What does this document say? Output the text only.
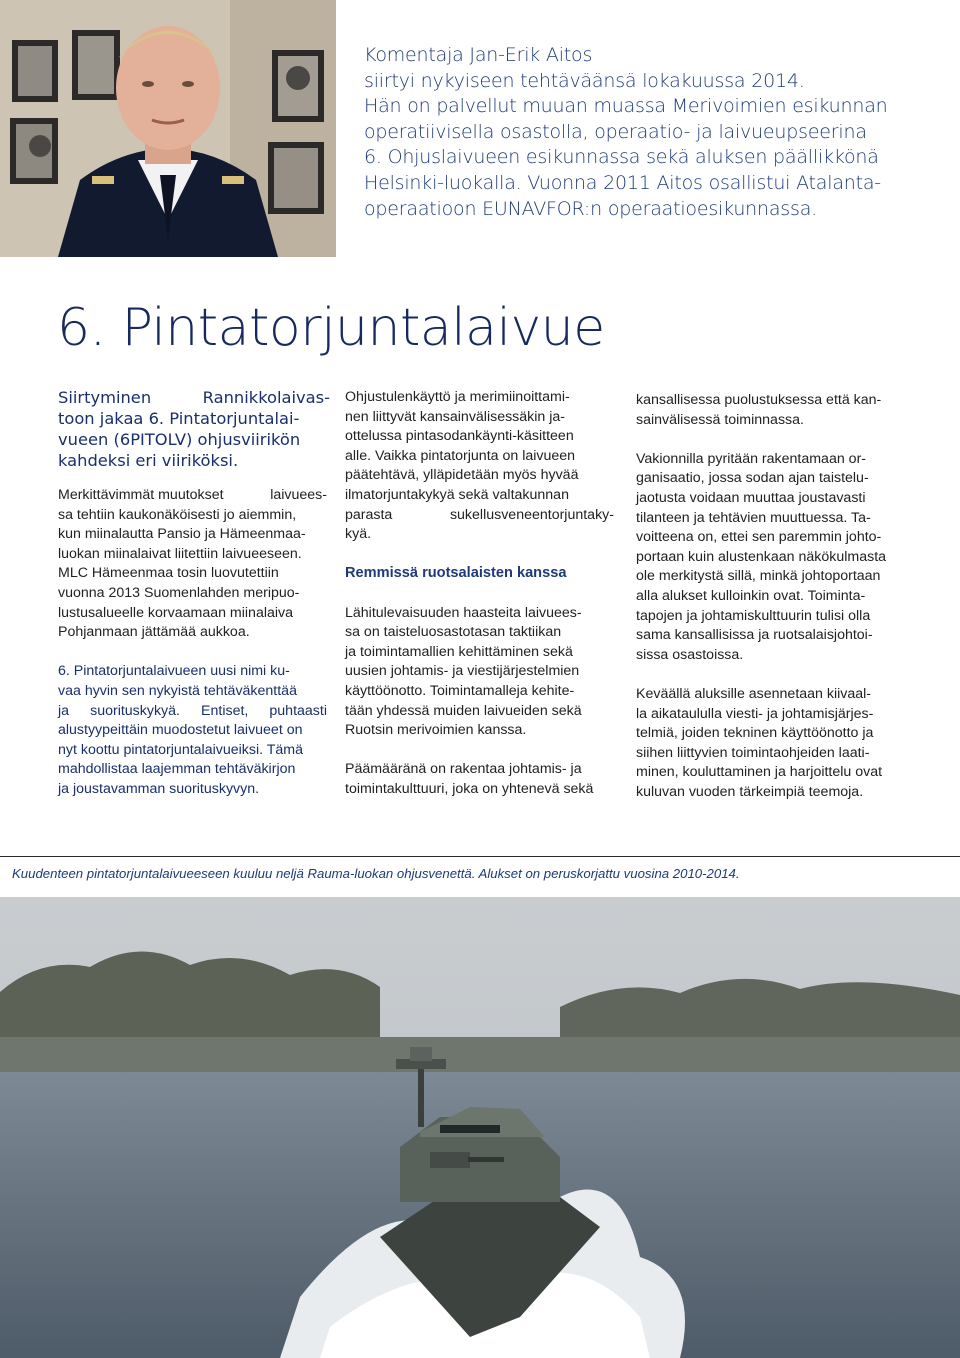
Komentaja Jan-Erik Aitos
siirtyi nykyiseen tehtäväänsä lokakuussa 2014.
Hän on palvellut muuan muassa Merivoimien esikunnan
operatiivisella osastolla, operaatio- ja laivueupseerina
6. Ohjuslaivueen esikunnassa sekä aluksen päällikkönä
Helsinki-luokalla. Vuonna 2011 Aitos osallistui Atalanta-
operaatioon EUNAVFOR:n operaatioesikunnassa.
6. Pintatorjuntalaivue
Siirtyminen	Rannikkolaivas-
toon jakaa 6. Pintatorjuntalai-
vueen (6PITOLV) ohjusviirikön
kahdeksi eri viiriköksi.
Merkittävimmät muutokset	laivuees-
sa tehtiin kaukonäköisesti jo aiemmin,
kun miinalautta Pansio ja Hämeenmaa-
luokan miinalaivat liitettiin laivueeseen.
MLC Hämeenmaa tosin luovutettiin
vuonna 2013 Suomenlahden meripuo-
lustusalueelle korvaamaan miinalaiva
Pohjanmaan jättämää aukkoa.
6. Pintatorjuntalaivueen uusi nimi ku-
vaa hyvin sen nykyistä tehtäväkenttää
ja suorituskykyä. Entiset, puhtaasti
alustyypeittäin muodostetut laivueet on
nyt koottu pintatorjuntalaivueiksi. Tämä
mahdollistaa laajemman tehtäväkirjon
ja joustavamman suorituskyvyn.
Ohjustulenkäyttö ja merimiinoittami-
nen liittyvät kansainvälisessäkin ja-
ottelussa pintasodankäynti-käsitteen
alle. Vaikka pintatorjunta on laivueen
päätehtävä, ylläpidetään myös hyvää
ilmatorjuntakykyä sekä valtakunnan
parasta	sukellusveneentorjuntaky-
kyä.
Remmissä ruotsalaisten kanssa
Lähitulevaisuuden haasteita laivuees-
sa on taisteluosastotasan taktiikan
ja toimintamallien kehittäminen sekä
uusien johtamis- ja viestijärjestelmien
käyttöönotto. Toimintamalleja kehite-
tään yhdessä muiden laivueiden sekä
Ruotsin merivoimien kanssa.
Päämääränä on rakentaa johtamis- ja
toimintakulttuuri, joka on yhtenevä sekä
kansallisessa puolustuksessa että kan-
sainvälisessä toiminnassa.
Vakionnilla pyritään rakentamaan or-
ganisaatio, jossa sodan ajan taistelu-
jaotusta voidaan muuttaa joustavasti
tilanteen ja tehtävien muuttuessa. Ta-
voitteena on, ettei sen paremmin johto-
portaan kuin alustenkaan näkökulmasta
ole merkitystä sillä, minkä johtoportaan
alla alukset kulloinkin ovat. Toiminta-
tapojen ja johtamiskulttuurin tulisi olla
sama kansallisissa ja ruotsalaisjohtoi-
sissa osastoissa.
Keväällä aluksille asennetaan kiivaal-
la aikataululla viesti- ja johtamisjärjes-
telmiä, joiden tekninen käyttöönotto ja
siihen liittyvien toimintaohjeiden laati-
minen, kouluttaminen ja harjoittelu ovat
kuluvan vuoden tärkeimpiä teemoja.
Kuudenteen pintatorjuntalaivueeseen kuuluu neljä Rauma-luokan ohjusvenettä. Alukset on peruskorjattu vuosina 2010-2014.
